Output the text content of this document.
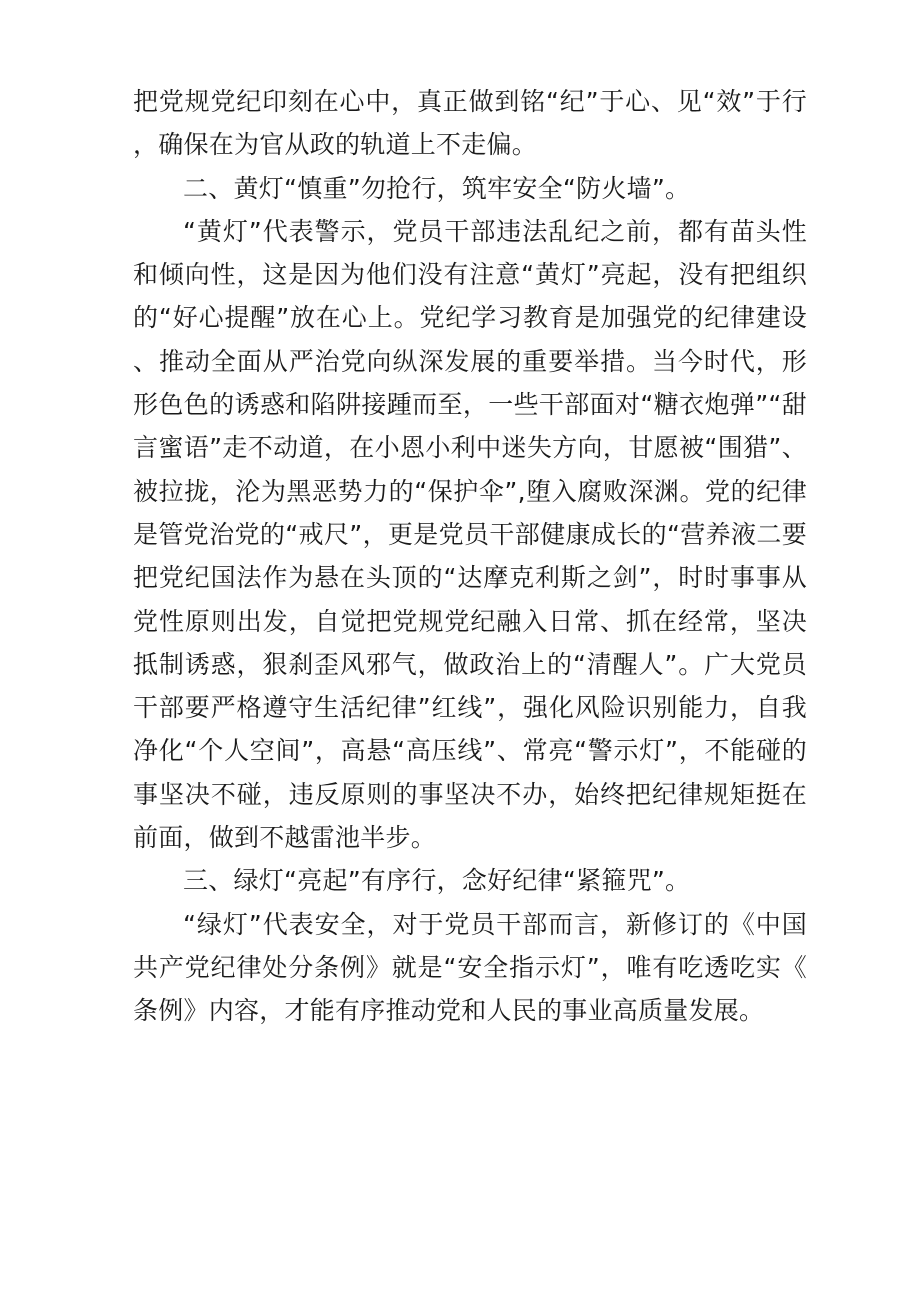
把党规党纪印刻在心中，真正做到铭“纪”于心、见“效”于行，确保在为官从政的轨道上不走偏。

二、黄灯“慎重”勿抢行，筑牢安全“防火墙”。

“黄灯”代表警示，党员干部违法乱纪之前，都有苗头性和倾向性，这是因为他们没有注意“黄灯”亮起，没有把组织的“好心提醒”放在心上。党纪学习教育是加强党的纪律建设、推动全面从严治党向纵深发展的重要举措。当今时代，形形色色的诱惑和陷阱接踵而至，一些干部面对“糖衣炮弹”“甜言蜜语”走不动道，在小恩小利中迷失方向，甘愿被“围猎”、被拉拢，沦为黑恶势力的“保护伞”,堕入腐败深渊。党的纪律是管党治党的“戒尺”，更是党员干部健康成长的“营养液二要把党纪国法作为悬在头顶的“达摩克利斯之剑”，时时事事从党性原则出发，自觉把党规党纪融入日常、抓在经常，坚决抵制诱惑，狠刹歪风邪气，做政治上的“清醒人”。广大党员干部要严格遵守生活纪律”红线”，强化风险识别能力，自我净化“个人空间”，高悬“高压线”、常亮“警示灯”，不能碰的事坚决不碰，违反原则的事坚决不办，始终把纪律规矩挺在前面，做到不越雷池半步。

三、绿灯“亮起”有序行，念好纪律“紧箍咒”。

“绿灯”代表安全，对于党员干部而言，新修订的《中国共产党纪律处分条例》就是“安全指示灯”，唯有吃透吃实《条例》内容，才能有序推动党和人民的事业高质量发展。
